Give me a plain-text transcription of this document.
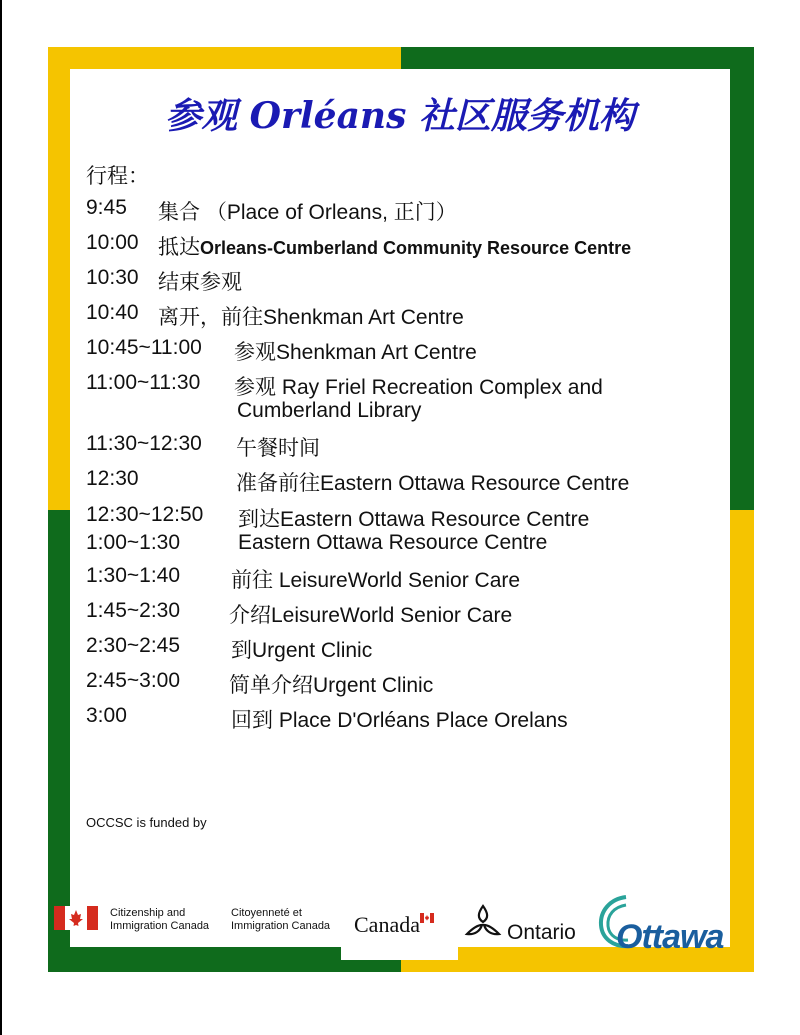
参观 Orléans 社区服务机构
行程：
9:45 集合 （Place of Orleans, 正门）
10:00 抵达Orleans-Cumberland Community Resource Centre
10:30 结束参观
10:40 离开，前往Shenkman Art Centre
10:45~11:00 参观Shenkman Art Centre
11:00~11:30 参观 Ray Friel Recreation Complex and
Cumberland Library
11:30~12:30 午餐时间
12:30	准备前往Eastern Ottawa Resource Centre
12:30~12:50 到达Eastern Ottawa Resource Centre
1:00~1:30	Eastern Ottawa Resource Centre
1:30~1:40 前往 LeisureWorld Senior Care
1:45~2:30 介绍LeisureWorld Senior Care
2:30~2:45 到Urgent Clinic
2:45~3:00 简单介绍Urgent Clinic
3:00	回到 Place D'Orléans Place Orelans
OCCSC is funded by
Citizenship and
Immigration Canada
Citoyenneté et
Immigration Canada Canada	Ontario Ottawa
